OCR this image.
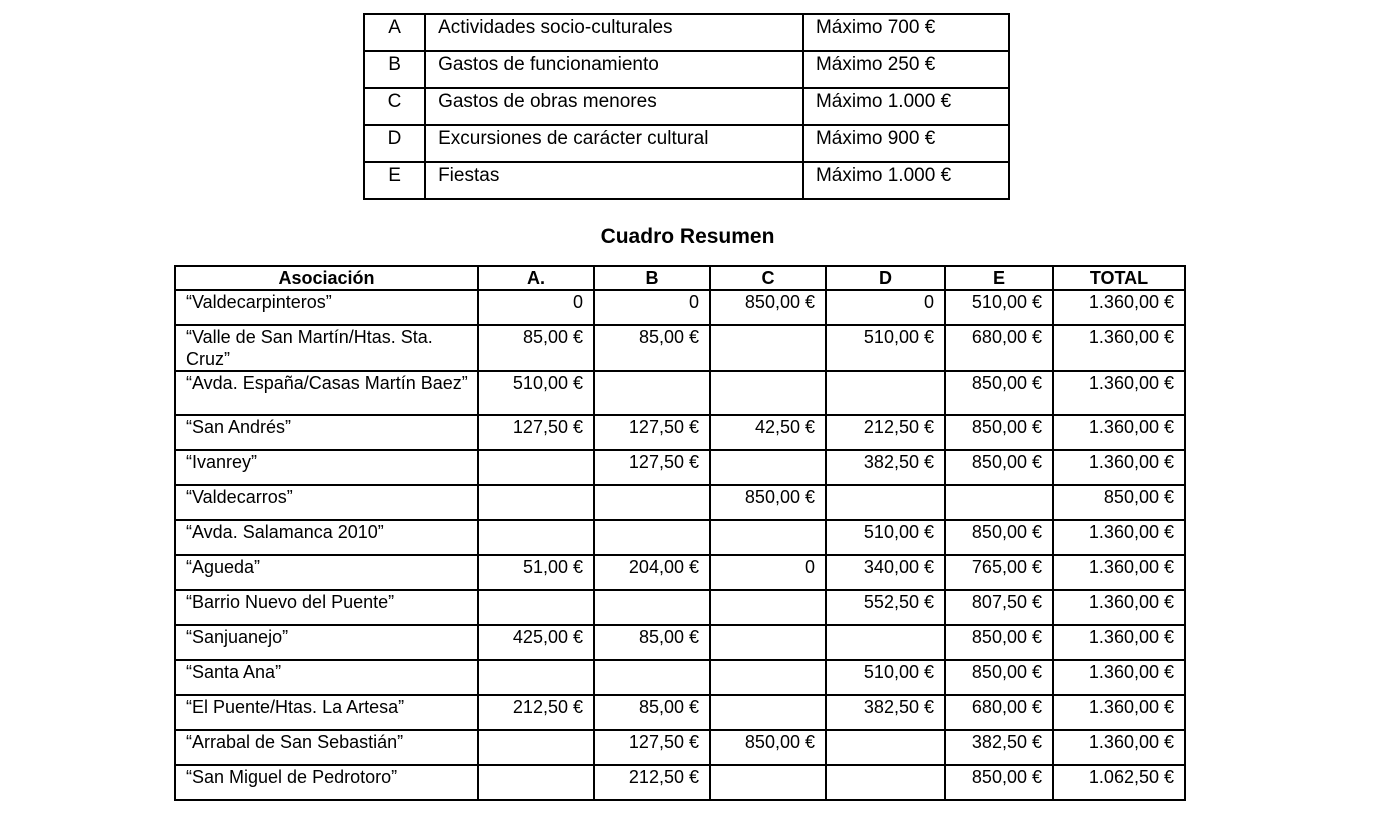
A	Actividades socio-culturales	Máximo 700 €
B	Gastos de funcionamiento	Máximo 250 €
C	Gastos de obras menores	Máximo 1.000 €
D	Excursiones de carácter cultural	Máximo 900 €
E	Fiestas	Máximo 1.000 €
Cuadro Resumen
Asociación	A.	B	C	D	E	TOTAL
“Valdecarpinteros”	0	0	850,00 €	0	510,00 €	1.360,00 €
“Valle de San Martín/Htas. Sta. Cruz”	85,00 €	85,00 €		510,00 €	680,00 €	1.360,00 €
“Avda. España/Casas Martín Baez”	510,00 €				850,00 €	1.360,00 €
“San Andrés”	127,50 €	127,50 €	42,50 €	212,50 €	850,00 €	1.360,00 €
“Ivanrey”		127,50 €		382,50 €	850,00 €	1.360,00 €
“Valdecarros”			850,00 €			850,00 €
“Avda. Salamanca 2010”				510,00 €	850,00 €	1.360,00 €
“Agueda”	51,00 €	204,00 €	0	340,00 €	765,00 €	1.360,00 €
“Barrio Nuevo del Puente”				552,50 €	807,50 €	1.360,00 €
“Sanjuanejo”	425,00 €	85,00 €			850,00 €	1.360,00 €
“Santa Ana”				510,00 €	850,00 €	1.360,00 €
“El Puente/Htas. La Artesa”	212,50 €	85,00 €		382,50 €	680,00 €	1.360,00 €
“Arrabal de San Sebastián”		127,50 €	850,00 €		382,50 €	1.360,00 €
“San Miguel de Pedrotoro”		212,50 €			850,00 €	1.062,50 €
